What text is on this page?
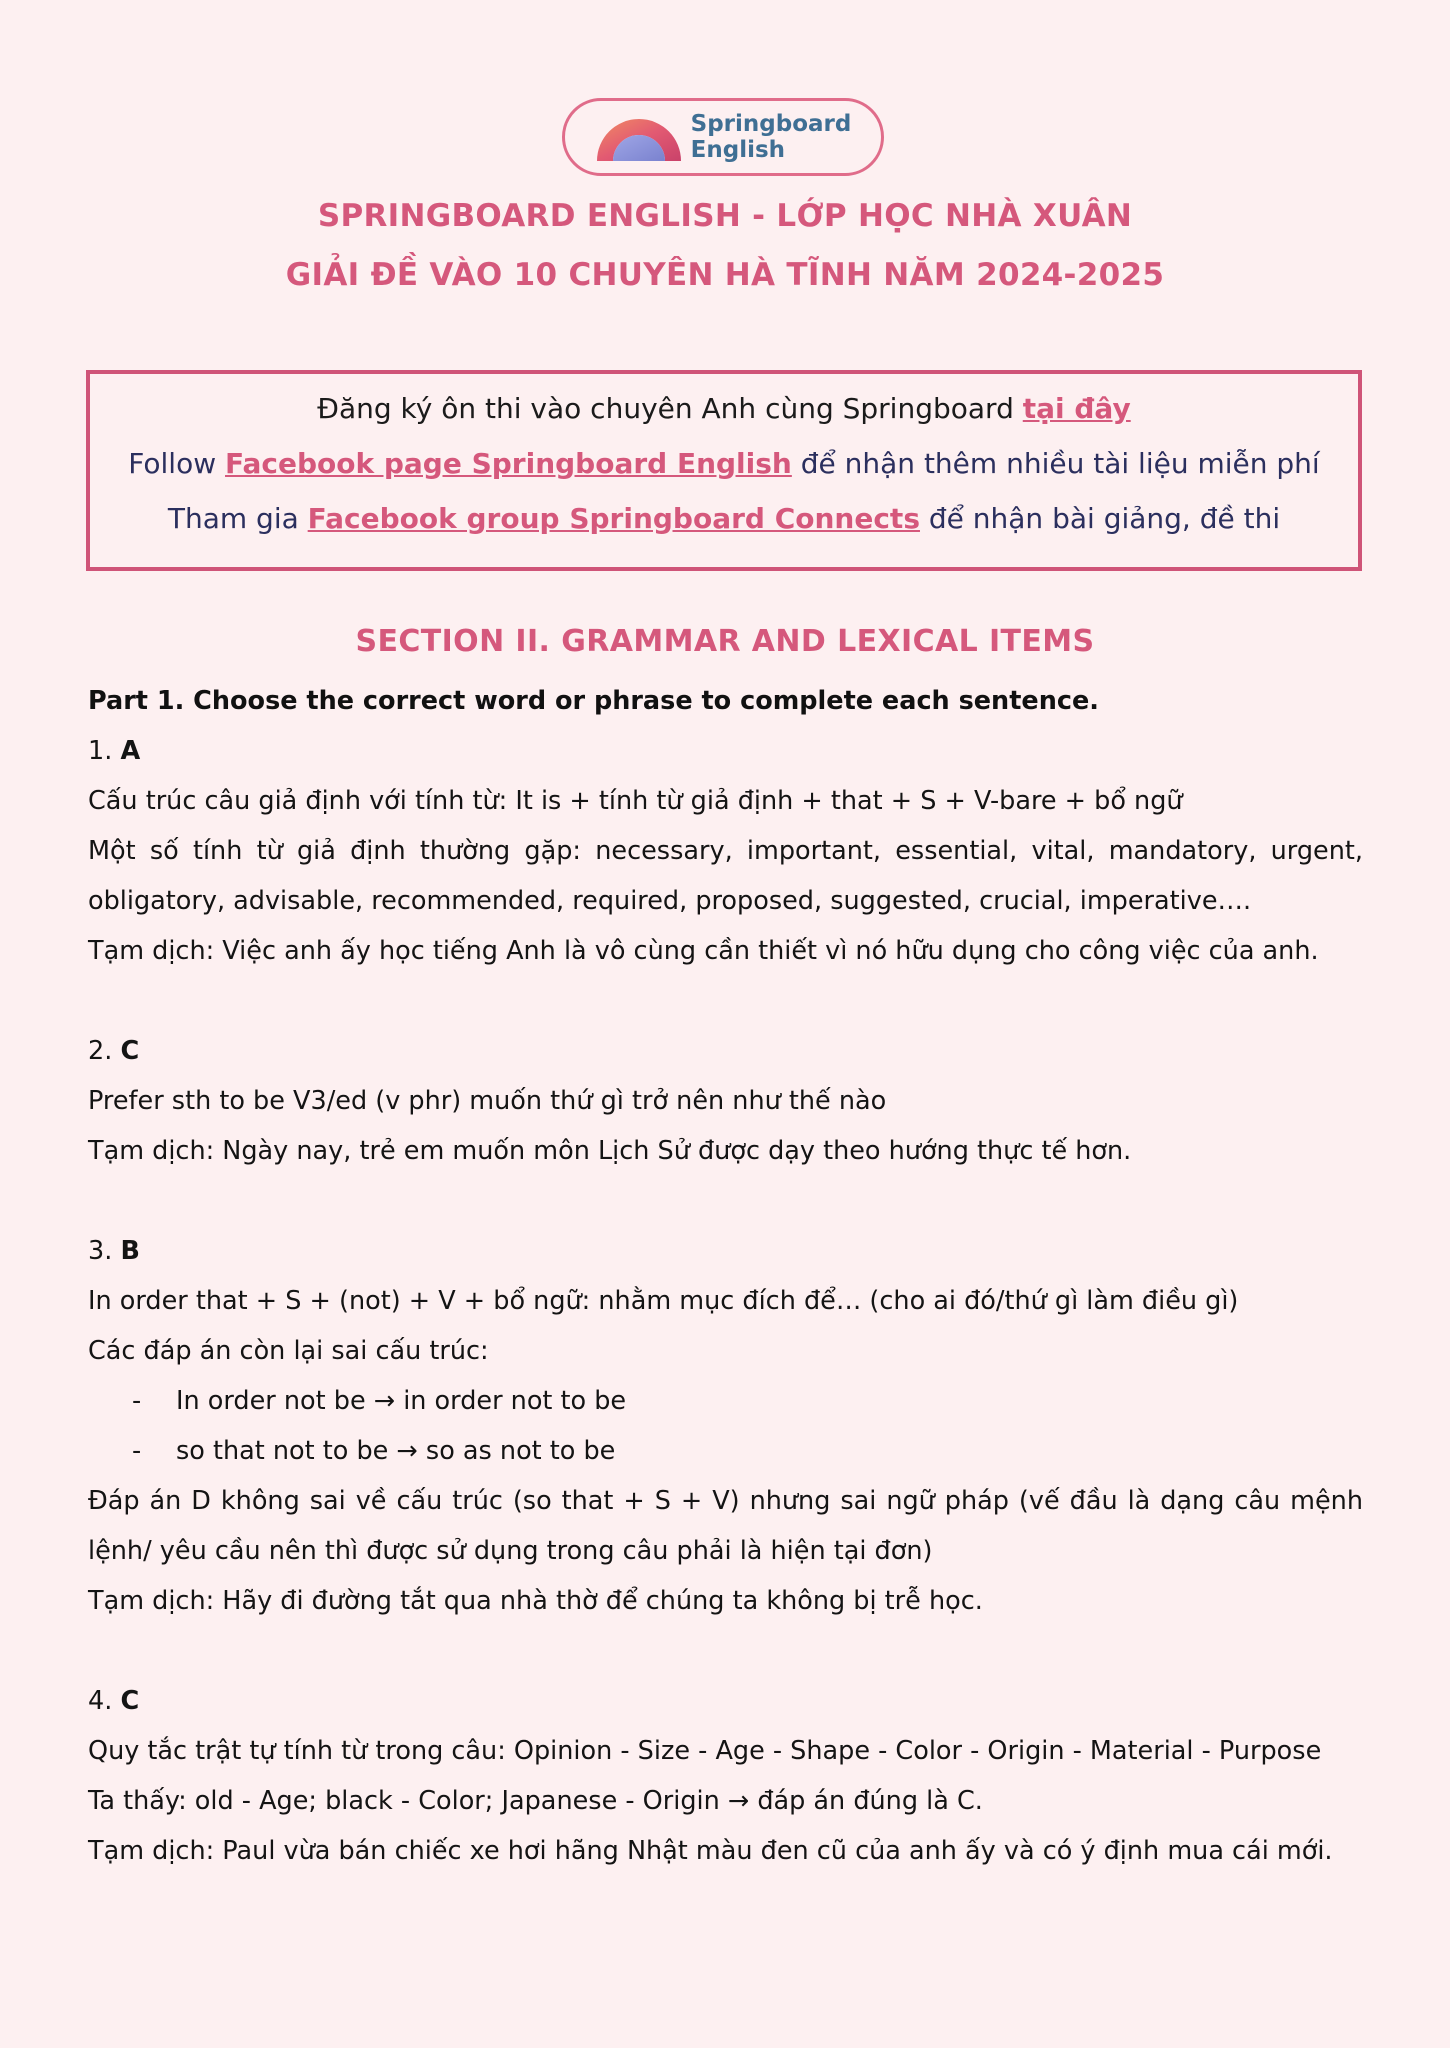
Springboard
English
SPRINGBOARD ENGLISH - LỚP HỌC NHÀ XUÂN
GIẢI ĐỀ VÀO 10 CHUYÊN HÀ TĨNH NĂM 2024-2025
Đăng ký ôn thi vào chuyên Anh cùng Springboard tại đây
Follow Facebook page Springboard English để nhận thêm nhiều tài liệu miễn phí
Tham gia Facebook group Springboard Connects để nhận bài giảng, đề thi
SECTION II. GRAMMAR AND LEXICAL ITEMS

Part 1. Choose the correct word or phrase to complete each sentence.

1. A

Cấu trúc câu giả định với tính từ: It is + tính từ giả định + that + S + V-bare + bổ ngữ

Một số tính từ giả định thường gặp: necessary, important, essential, vital, mandatory, urgent, obligatory, advisable, recommended, required, proposed, suggested, crucial, imperative….

Tạm dịch: Việc anh ấy học tiếng Anh là vô cùng cần thiết vì nó hữu dụng cho công việc của anh.

2. C

Prefer sth to be V3/ed (v phr) muốn thứ gì trở nên như thế nào

Tạm dịch: Ngày nay, trẻ em muốn môn Lịch Sử được dạy theo hướng thực tế hơn.

3. B

In order that + S + (not) + V + bổ ngữ: nhằm mục đích để… (cho ai đó/thứ gì làm điều gì)

Các đáp án còn lại sai cấu trúc:

- In order not be → in order not to be

- so that not to be → so as not to be

Đáp án D không sai về cấu trúc (so that + S + V) nhưng sai ngữ pháp (vế đầu là dạng câu mệnh lệnh/ yêu cầu nên thì được sử dụng trong câu phải là hiện tại đơn)

Tạm dịch: Hãy đi đường tắt qua nhà thờ để chúng ta không bị trễ học.

4. C

Quy tắc trật tự tính từ trong câu: Opinion - Size - Age - Shape - Color - Origin - Material - Purpose

Ta thấy: old - Age; black - Color; Japanese - Origin → đáp án đúng là C.

Tạm dịch: Paul vừa bán chiếc xe hơi hãng Nhật màu đen cũ của anh ấy và có ý định mua cái mới.
